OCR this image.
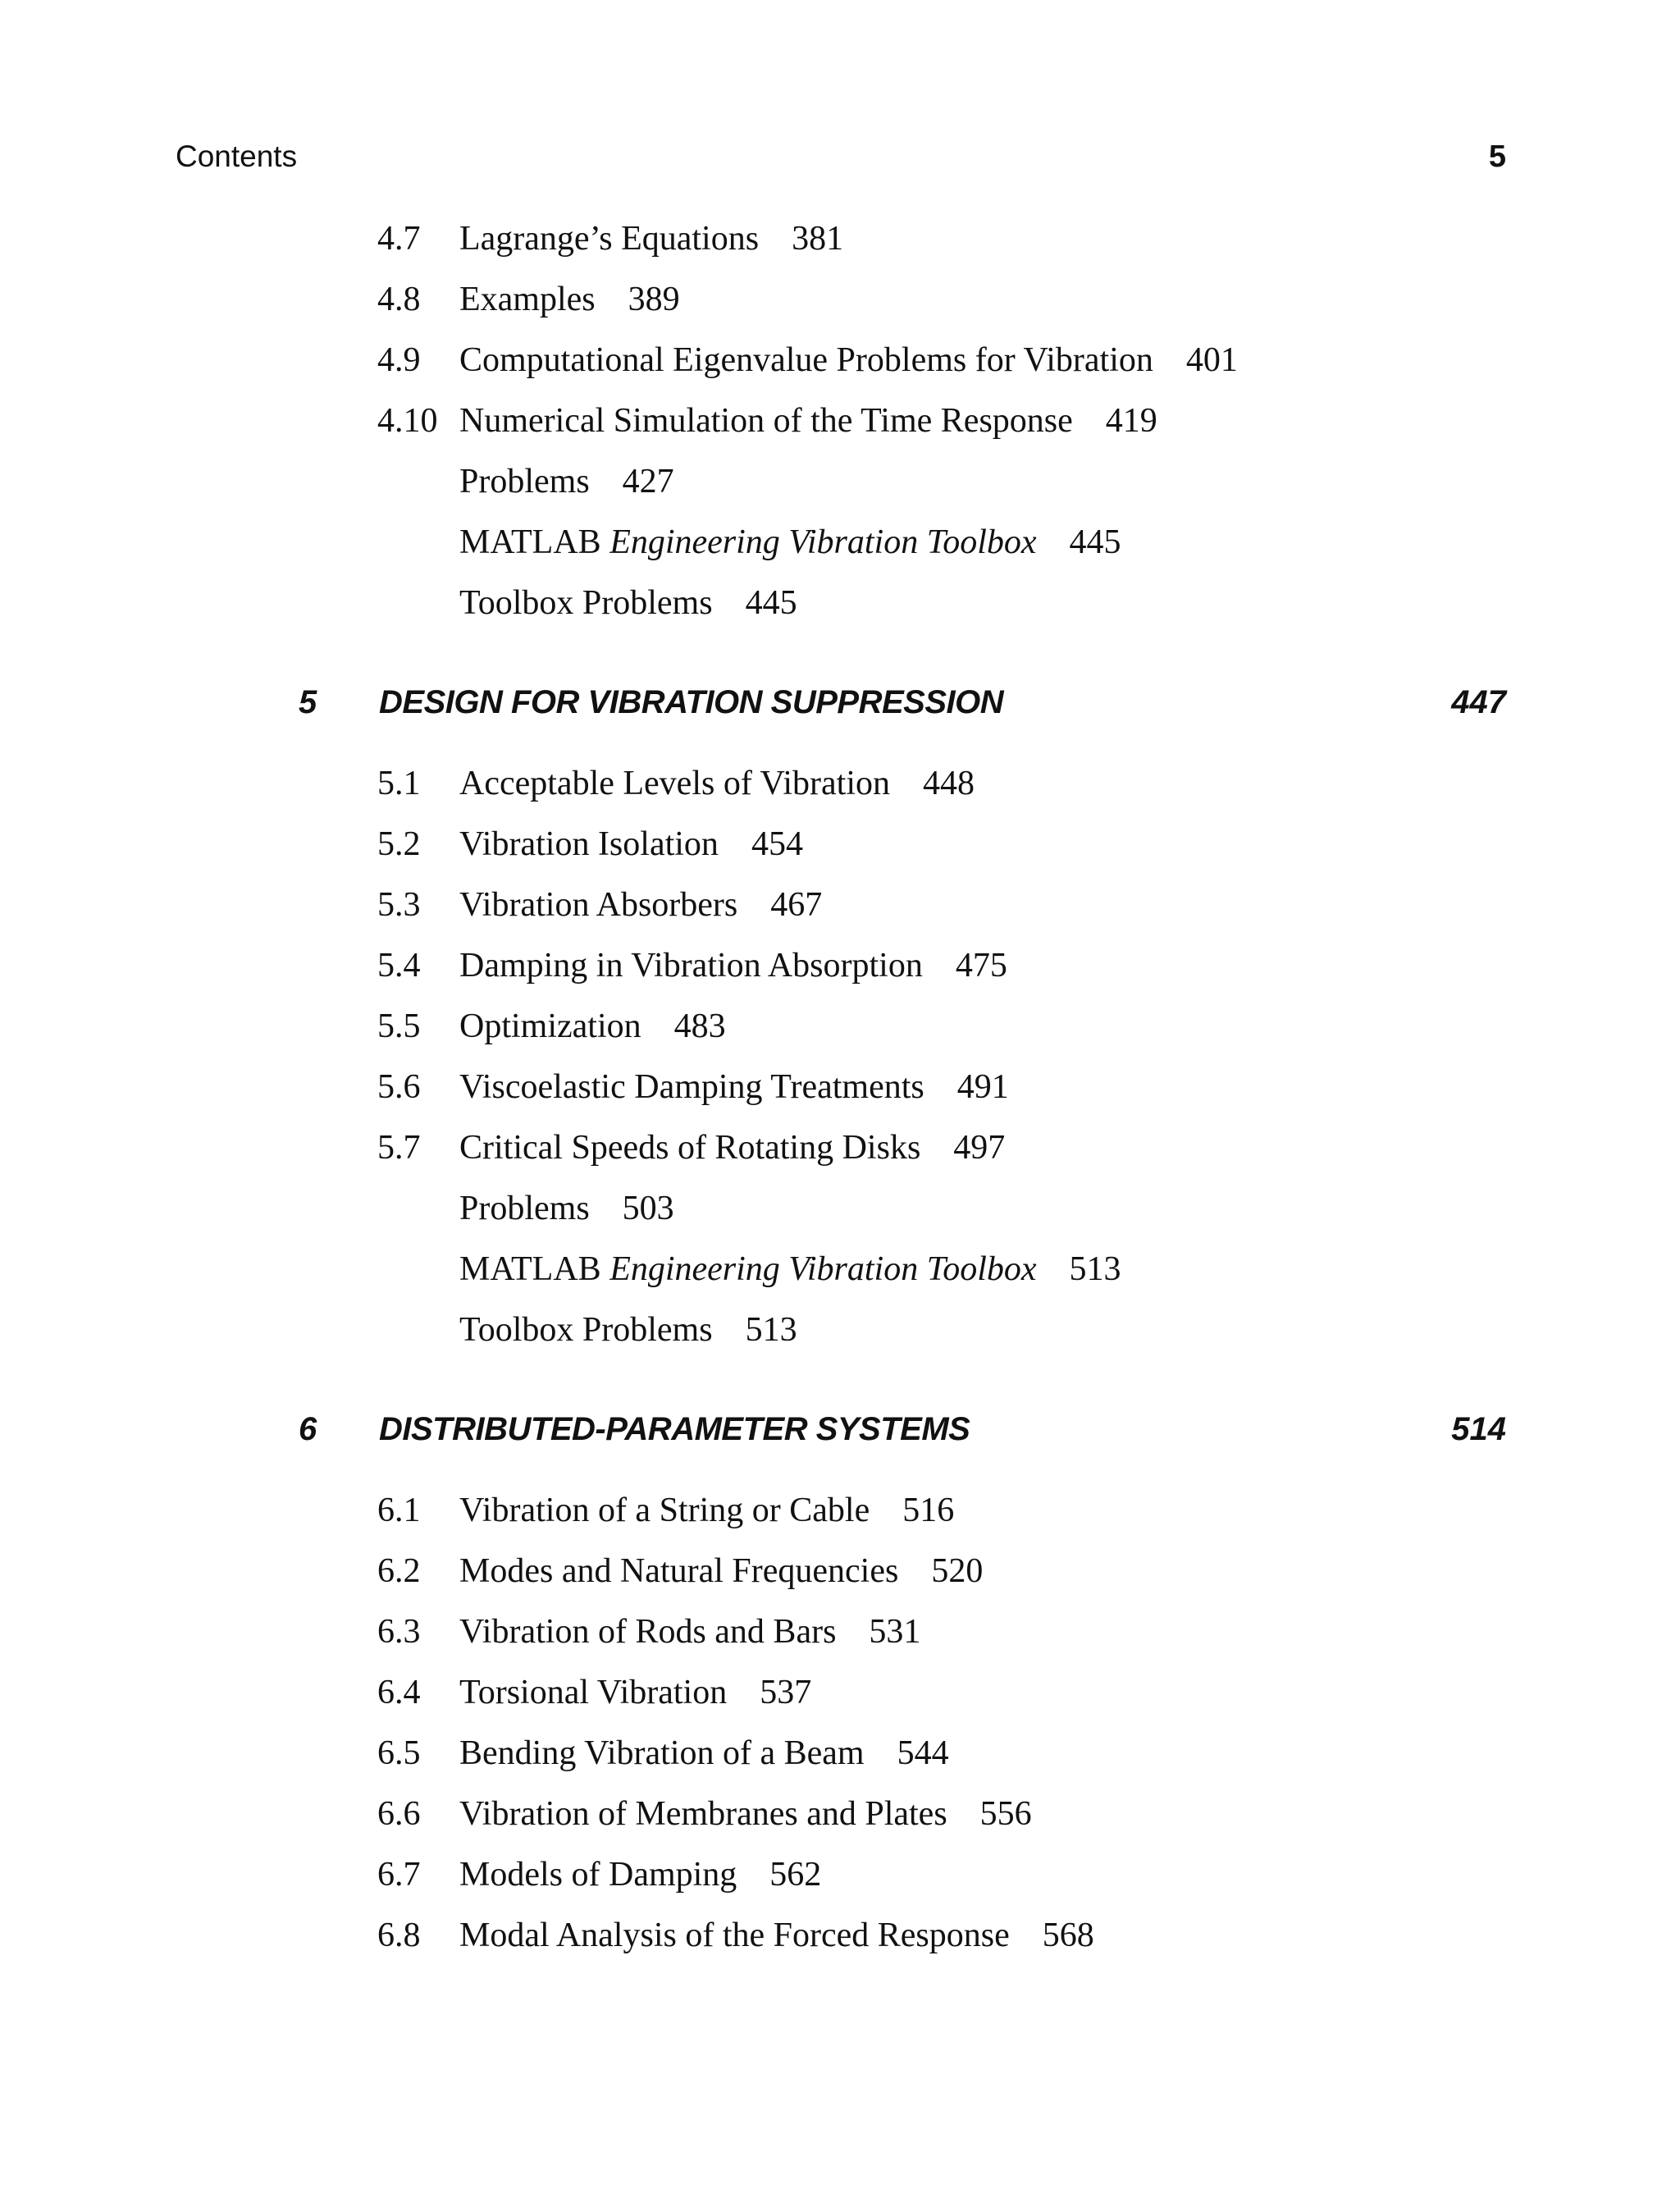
Contents	5
4.7 Lagrange’s Equations 381
4.8 Examples 389
4.9 Computational Eigenvalue Problems for Vibration 401
4.10 Numerical Simulation of the Time Response 419
Problems 427
MATLAB Engineering Vibration Toolbox 445
Toolbox Problems 445
5 DESIGN FOR VIBRATION SUPPRESSION	447
5.1 Acceptable Levels of Vibration 448
5.2 Vibration Isolation 454
5.3 Vibration Absorbers 467
5.4 Damping in Vibration Absorption 475
5.5 Optimization 483
5.6 Viscoelastic Damping Treatments 491
5.7 Critical Speeds of Rotating Disks 497
Problems 503
MATLAB Engineering Vibration Toolbox 513
Toolbox Problems 513
6 DISTRIBUTED-PARAMETER SYSTEMS	514
6.1 Vibration of a String or Cable 516
6.2 Modes and Natural Frequencies 520
6.3 Vibration of Rods and Bars 531
6.4 Torsional Vibration 537
6.5 Bending Vibration of a Beam 544
6.6 Vibration of Membranes and Plates 556
6.7 Models of Damping 562
6.8 Modal Analysis of the Forced Response 568
